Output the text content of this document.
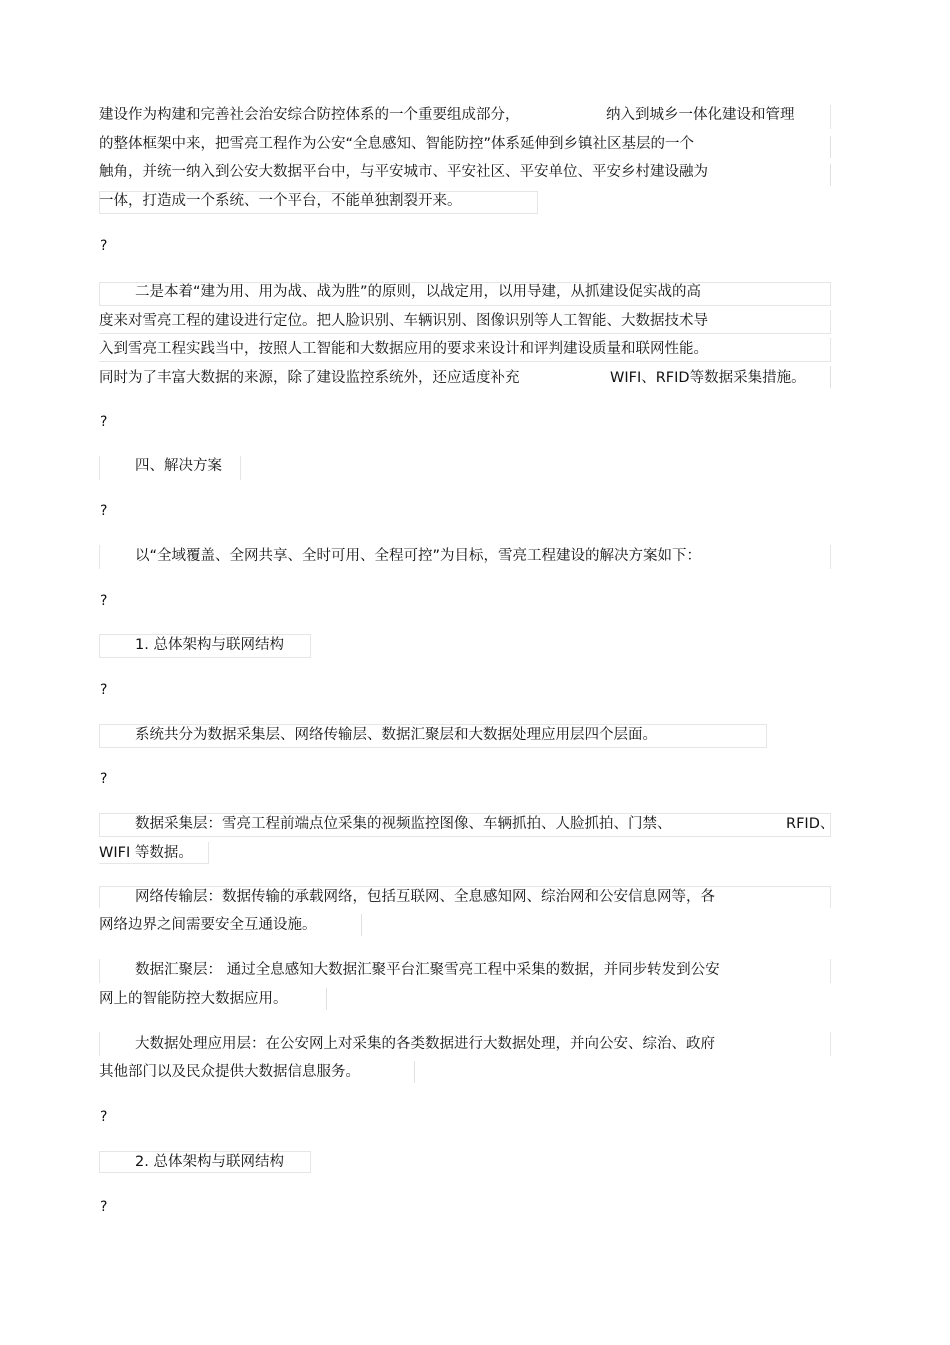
建设作为构建和完善社会治安综合防控体系的一个重要组成部分，	纳入到城乡一体化建设和管理
的整体框架中来，把雪亮工程作为公安“全息感知、智能防控”体系延伸到乡镇社区基层的一个
触角，并统一纳入到公安大数据平台中，与平安城市、平安社区、平安单位、平安乡村建设融为
一体，打造成一个系统、一个平台，不能单独割裂开来。
?
二是本着“建为用、用为战、战为胜”的原则，以战定用，以用导建，从抓建设促实战的高
度来对雪亮工程的建设进行定位。把人脸识别、车辆识别、图像识别等人工智能、大数据技术导
入到雪亮工程实践当中，按照人工智能和大数据应用的要求来设计和评判建设质量和联网性能。
同时为了丰富大数据的来源，除了建设监控系统外，还应适度补充	WIFI、RFID等数据采集措施。
?
四、解决方案
?
以“全域覆盖、全网共享、全时可用、全程可控”为目标，雪亮工程建设的解决方案如下：
?
1. 总体架构与联网结构
?
系统共分为数据采集层、网络传输层、数据汇聚层和大数据处理应用层四个层面。
?
数据采集层：雪亮工程前端点位采集的视频监控图像、车辆抓拍、人脸抓拍、门禁、	RFID、
WIFI 等数据。
网络传输层：数据传输的承载网络，包括互联网、全息感知网、综治网和公安信息网等，各
网络边界之间需要安全互通设施。
数据汇聚层： 通过全息感知大数据汇聚平台汇聚雪亮工程中采集的数据，并同步转发到公安
网上的智能防控大数据应用。
大数据处理应用层：在公安网上对采集的各类数据进行大数据处理，并向公安、综治、政府
其他部门以及民众提供大数据信息服务。
?
2. 总体架构与联网结构
?
